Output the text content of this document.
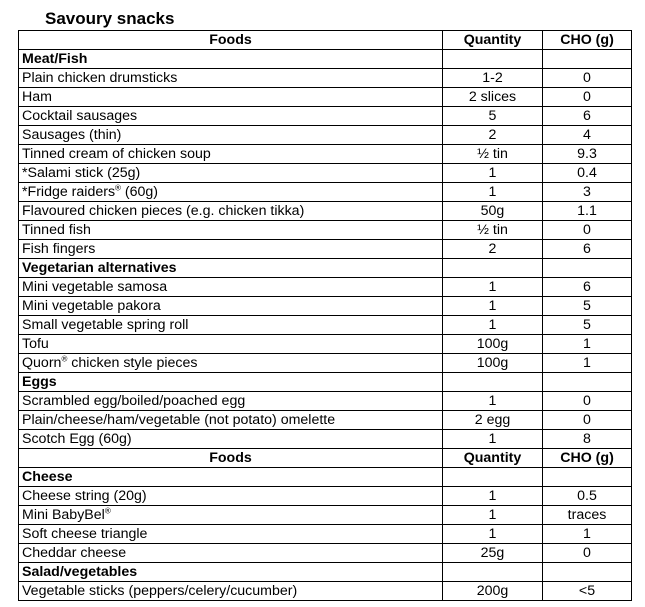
Savoury snacks
Foods	Quantity	CHO (g)
Meat/Fish		
Plain chicken drumsticks	1-2	0
Ham	2 slices	0
Cocktail sausages	5	6
Sausages (thin)	2	4
Tinned cream of chicken soup	½ tin	9.3
*Salami stick (25g)	1	0.4
*Fridge raiders® (60g)	1	3
Flavoured chicken pieces (e.g. chicken tikka)	50g	1.1
Tinned fish	½ tin	0
Fish fingers	2	6
Vegetarian alternatives		
Mini vegetable samosa	1	6
Mini vegetable pakora	1	5
Small vegetable spring roll	1	5
Tofu	100g	1
Quorn® chicken style pieces	100g	1
Eggs		
Scrambled egg/boiled/poached egg	1	0
Plain/cheese/ham/vegetable (not potato) omelette	2 egg	0
Scotch Egg (60g)	1	8
Foods	Quantity	CHO (g)
Cheese		
Cheese string (20g)	1	0.5
Mini BabyBel®	1	traces
Soft cheese triangle	1	1
Cheddar cheese	25g	0
Salad/vegetables		
Vegetable sticks (peppers/celery/cucumber)	200g	<5
